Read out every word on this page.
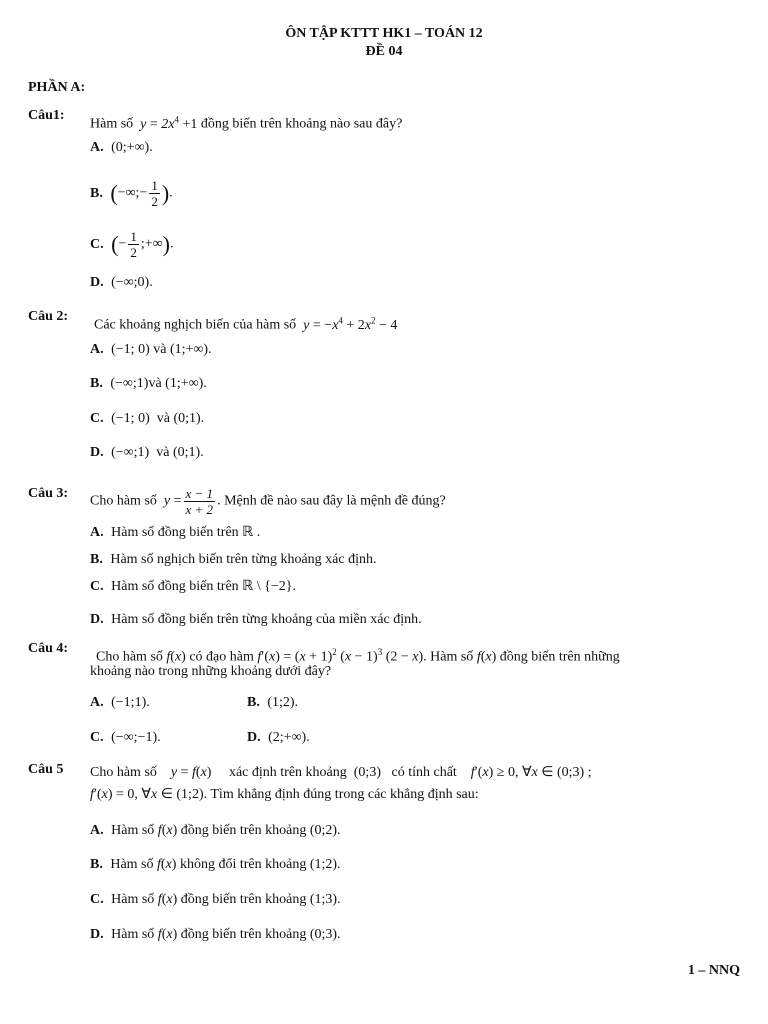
ÔN TẬP KTTT HK1 – TOÁN 12
ĐỀ 04
PHẦN A:
Câu1:
Hàm số $y = 2x^4 +1$ đồng biến trên khoảng nào sau đây?
A. (0;+∞).
B. (−∞;− $\frac{1}{2}$ ).
C. (− $\frac{1}{2}$ ;+∞).
D. (−∞;0).
Câu 2:
Các khoảng nghịch biến của hàm số $y = -x^4 + 2x^2 - 4$
A. (−1; 0) và (1;+∞).
B. (−∞;1)và (1;+∞).
C. (−1; 0)  và (0;1).
D. (−∞;1)  và (0;1).
Câu 3:
Cho hàm số $y = \frac{x - 1}{x + 2}$ . Mệnh đề nào sau đây là mệnh đề đúng?
A. Hàm số đồng biến trên ℝ .
B. Hàm số nghịch biến trên từng khoảng xác định.
C. Hàm số đồng biến trên ℝ \ {−2}.
D. Hàm số đồng biến trên từng khoảng của miền xác định.
Câu 4:
Cho hàm số f(x) có đạo hàm $f'(x) = (x + 1)^2$ $(x - 1)^3$ (2 − x). Hàm số f(x) đồng biến trên những
khoảng nào trong những khoảng dưới đây?
A. (−1;1).	B. (1;2).
C. (−∞;−1).	D. (2;+∞).
Câu 5 Cho hàm số y = f(x)     xác định trên khoảng  (0;3)   có tính chất f′(x) ≥ 0, ∀x ∈ (0;3) ;
f′(x) = 0, ∀x ∈ (1;2). Tìm khẳng định đúng trong các khẳng định sau:
A. Hàm số f(x) đồng biến trên khoảng (0;2).
B. Hàm số f(x) không đổi trên khoảng (1;2).
C. Hàm số f(x) đồng biến trên khoảng (1;3).
D. Hàm số f(x) đồng biến trên khoảng (0;3).
1 – NNQ
